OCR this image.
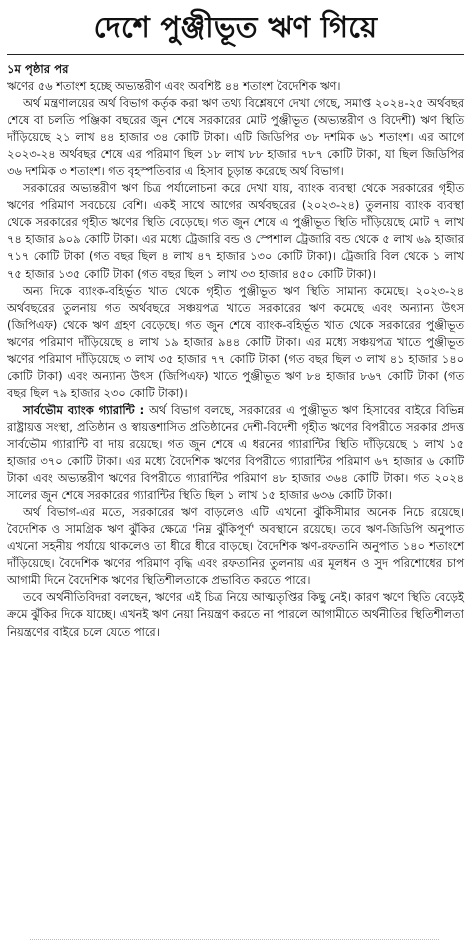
দেশে পুঞ্জীভূত ঋণ গিয়ে

১ম পৃষ্ঠার পর

ঋণের ৫৬ শতাংশ হচ্ছে অভ্যন্তরীণ এবং অবশিষ্ট ৪৪ শতাংশ বৈদেশিক ঋণ।

অর্থ মন্ত্রণালয়ের অর্থ বিভাগ কর্তৃক করা ঋণ তথ্য বিশ্লেষণে দেখা গেছে, সমাপ্ত ২০২৪-২৫ অর্থবছর শেষে বা চলতি পঞ্জিকা বছরের জুন শেষে সরকারের মোট পুঞ্জীভূত (অভ্যন্তরীণ ও বিদেশী) ঋণ স্থিতি দাঁড়িয়েছে ২১ লাখ ৪৪ হাজার ৩৪ কোটি টাকা। এটি জিডিপির ৩৮ দশমিক ৬১ শতাংশ। এর আগে ২০২৩-২৪ অর্থবছর শেষে এর পরিমাণ ছিল ১৮ লাখ ৮৮ হাজার ৭৮৭ কোটি টাকা, যা ছিল জিডিপির ৩৬ দশমিক ৩ শতাংশ। গত বৃহস্পতিবার এ হিসাব চূড়ান্ত করেছে অর্থ বিভাগ।

সরকারের অভ্যন্তরীণ ঋণ চিত্র পর্যালোচনা করে দেখা যায়, ব্যাংক ব্যবস্থা থেকে সরকারের গৃহীত ঋণের পরিমাণ সবচেয়ে বেশি। একই সাথে আগের অর্থবছরের (২০২৩-২৪) তুলনায় ব্যাংক ব্যবস্থা থেকে সরকারের গৃহীত ঋণের স্থিতি বেড়েছে। গত জুন শেষে এ পুঞ্জীভূত স্থিতি দাঁড়িয়েছে মোট ৭ লাখ ৭৪ হাজার ৯০৯ কোটি টাকা। এর মধ্যে ট্রেজারি বন্ড ও স্পেশাল ট্রেজারি বন্ড থেকে ৫ লাখ ৬৯ হাজার ৭১৭ কোটি টাকা (গত বছর ছিল ৪ লাখ ৪৭ হাজার ১৩০ কোটি টাকা)। ট্রেজারি বিল থেকে ১ লাখ ৭৫ হাজার ১৩৫ কোটি টাকা (গত বছর ছিল ১ লাখ ৩৩ হাজার ৪৫০ কোটি টাকা)।

অন্য দিকে ব্যাংক-বহির্ভূত খাত থেকে গৃহীত পুঞ্জীভূত ঋণ স্থিতি সামান্য কমেছে। ২০২৩-২৪ অর্থবছরের তুলনায় গত অর্থবছরে সঞ্চয়পত্র খাতে সরকারের ঋণ কমেছে এবং অন্যান্য উৎস (জিপিএফ) থেকে ঋণ গ্রহণ বেড়েছে। গত জুন শেষে ব্যাংক-বহির্ভূত খাত থেকে সরকারের পুঞ্জীভূত ঋণের পরিমাণ দাঁড়িয়েছে ৪ লাখ ১৯ হাজার ৯৪৪ কোটি টাকা। এর মধ্যে সঞ্চয়পত্র খাতে পুঞ্জীভূত ঋণের পরিমাণ দাঁড়িয়েছে ৩ লাখ ৩৫ হাজার ৭৭ কোটি টাকা (গত বছর ছিল ৩ লাখ ৪১ হাজার ১৪০ কোটি টাকা) এবং অন্যান্য উৎস (জিপিএফ) খাতে পুঞ্জীভূত ঋণ ৮৪ হাজার ৮৬৭ কোটি টাকা (গত বছর ছিল ৭৯ হাজার ২৩০ কোটি টাকা)।

সার্বভৌম ব্যাংক গ্যারান্টি : অর্থ বিভাগ বলছে, সরকারের এ পুঞ্জীভূত ঋণ হিসাবের বাইরে বিভিন্ন রাষ্ট্রায়ত্ত সংস্থা, প্রতিষ্ঠান ও স্বায়ত্তশাসিত প্রতিষ্ঠানের দেশী-বিদেশী গৃহীত ঋণের বিপরীতে সরকার প্রদত্ত সার্বভৌম গ্যারান্টি বা দায় রয়েছে। গত জুন শেষে এ ধরনের গ্যারান্টির স্থিতি দাঁড়িয়েছে ১ লাখ ১৫ হাজার ৩৭০ কোটি টাকা। এর মধ্যে বৈদেশিক ঋণের বিপরীতে গ্যারান্টির পরিমাণ ৬৭ হাজার ৬ কোটি টাকা এবং অভ্যন্তরীণ ঋণের বিপরীতে গ্যারান্টির পরিমাণ ৪৮ হাজার ৩৬৪ কোটি টাকা। গত ২০২৪ সালের জুন শেষে সরকারের গ্যারান্টির স্থিতি ছিল ১ লাখ ১৫ হাজার ৬৩৬ কোটি টাকা।

অর্থ বিভাগ-এর মতে, সরকারের ঋণ বাড়লেও এটি এখনো ঝুঁকিসীমার অনেক নিচে রয়েছে। বৈদেশিক ও সামগ্রিক ঋণ ঝুঁকির ক্ষেত্রে 'নিম্ন ঝুঁকিপূর্ণ' অবস্থানে রয়েছে। তবে ঋণ-জিডিপি অনুপাত এখনো সহনীয় পর্যায়ে থাকলেও তা ধীরে ধীরে বাড়ছে। বৈদেশিক ঋণ-রফতানি অনুপাত ১৪০ শতাংশে দাঁড়িয়েছে। বৈদেশিক ঋণের পরিমাণ বৃদ্ধি এবং রফতানির তুলনায় এর মূলধন ও সুদ পরিশোধের চাপ আগামী দিনে বৈদেশিক ঋণের স্থিতিশীলতাকে প্রভাবিত করতে পারে।

তবে অর্থনীতিবিদরা বলছেন, ঋণের এই চিত্র নিয়ে আত্মতৃপ্তির কিছু নেই। কারণ ঋণে স্থিতি বেড়েই ক্রমে ঝুঁকির দিকে যাচ্ছে। এখনই ঋণ নেয়া নিয়ন্ত্রণ করতে না পারলে আগামীতে অর্থনীতির স্থিতিশীলতা নিয়ন্ত্রণের বাইরে চলে যেতে পারে।
